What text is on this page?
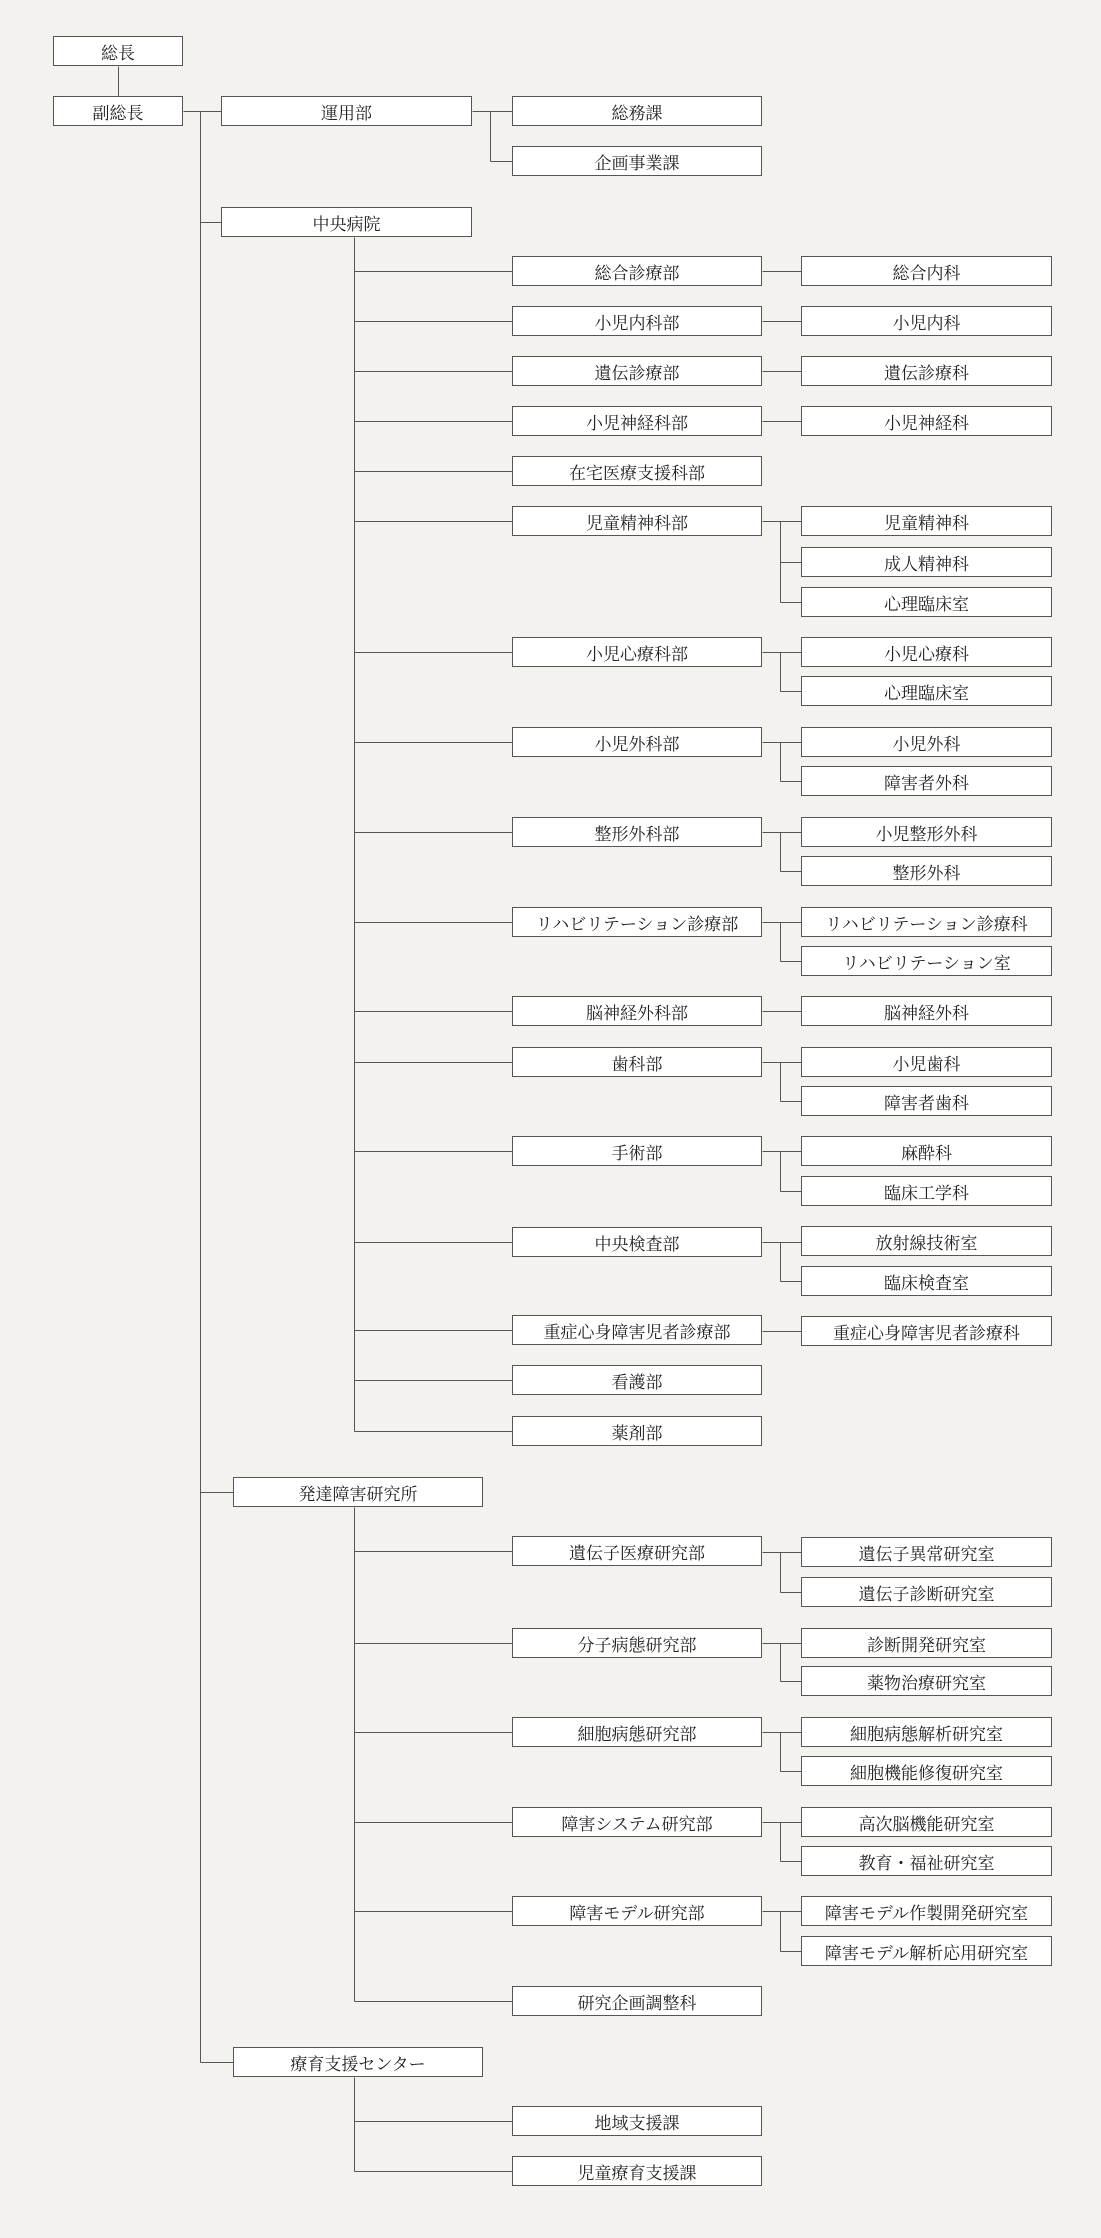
総長
副総長	運用部	総務課
企画事業課
中央病院
総合診療部	総合内科
小児内科部	小児内科
遺伝診療部	遺伝診療科
小児神経科部	小児神経科
在宅医療支援科部
児童精神科部	児童精神科
成人精神科
心理臨床室
小児心療科部	小児心療科
心理臨床室
小児外科部	小児外科
障害者外科
整形外科部	小児整形外科
整形外科
リハビリテーション診療部	リハビリテーション診療科
リハビリテーション室
脳神経外科部	脳神経外科
歯科部	小児歯科
障害者歯科
手術部	麻酔科
臨床工学科
中央検査部	放射線技術室
臨床検査室
重症心身障害児者診療部	重症心身障害児者診療科
看護部
薬剤部
発達障害研究所
遺伝子医療研究部	遺伝子異常研究室
遺伝子診断研究室
分子病態研究部	診断開発研究室
薬物治療研究室
細胞病態研究部	細胞病態解析研究室
細胞機能修復研究室
障害システム研究部	高次脳機能研究室
教育・福祉研究室
障害モデル研究部	障害モデル作製開発研究室
障害モデル解析応用研究室
研究企画調整科
療育支援センター
地域支援課
児童療育支援課
